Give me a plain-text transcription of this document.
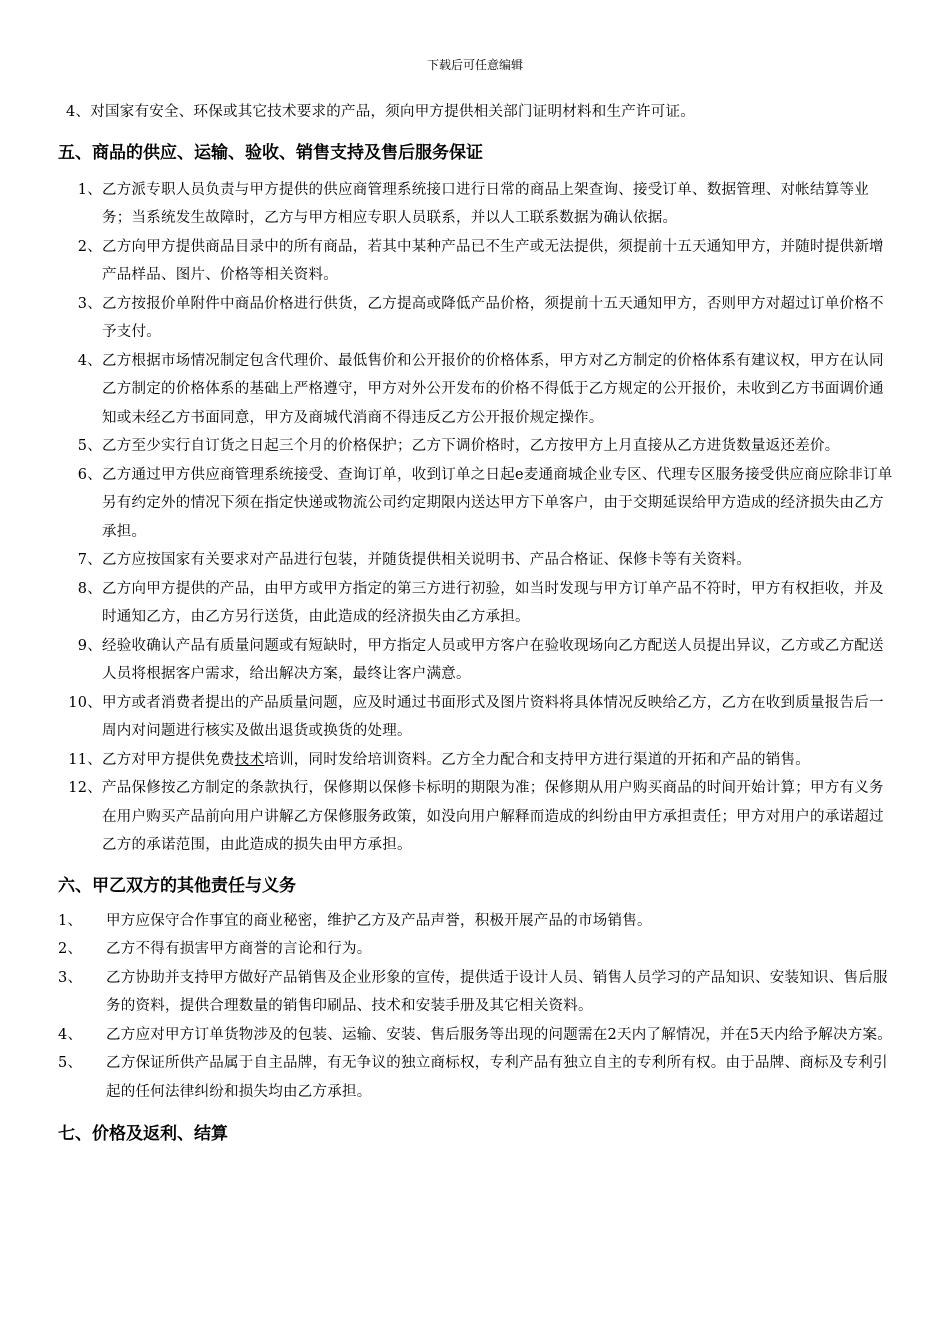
下载后可任意编辑

4、对国家有安全、环保或其它技术要求的产品，须向甲方提供相关部门证明材料和生产许可证。

五、商品的供应、运输、验收、销售支持及售后服务保证
1、 乙方派专职人员负责与甲方提供的供应商管理系统接口进行日常的商品上架查询、接受订单、数据管理、对帐结算等业务；当系统发生故障时，乙方与甲方相应专职人员联系，并以人工联系数据为确认依据。
2、 乙方向甲方提供商品目录中的所有商品，若其中某种产品已不生产或无法提供，须提前十五天通知甲方，并随时提供新增产品样品、图片、价格等相关资料。
3、 乙方按报价单附件中商品价格进行供货，乙方提高或降低产品价格，须提前十五天通知甲方，否则甲方对超过订单价格不予支付。
4、 乙方根据市场情况制定包含代理价、最低售价和公开报价的价格体系，甲方对乙方制定的价格体系有建议权，甲方在认同乙方制定的价格体系的基础上严格遵守，甲方对外公开发布的价格不得低于乙方规定的公开报价，未收到乙方书面调价通知或未经乙方书面同意，甲方及商城代消商不得违反乙方公开报价规定操作。
5、 乙方至少实行自订货之日起三个月的价格保护；乙方下调价格时，乙方按甲方上月直接从乙方进货数量返还差价。
6、 乙方通过甲方供应商管理系统接受、查询订单，收到订单之日起e麦通商城企业专区、代理专区服务接受供应商应除非订单另有约定外的情况下须在指定快递或物流公司约定期限内送达甲方下单客户，由于交期延误给甲方造成的经济损失由乙方承担。
7、 乙方应按国家有关要求对产品进行包装，并随货提供相关说明书、产品合格证、保修卡等有关资料。
8、 乙方向甲方提供的产品，由甲方或甲方指定的第三方进行初验，如当时发现与甲方订单产品不符时，甲方有权拒收，并及时通知乙方，由乙方另行送货，由此造成的经济损失由乙方承担。
9、 经验收确认产品有质量问题或有短缺时，甲方指定人员或甲方客户在验收现场向乙方配送人员提出异议，乙方或乙方配送人员将根据客户需求，给出解决方案，最终让客户满意。
10、 甲方或者消费者提出的产品质量问题，应及时通过书面形式及图片资料将具体情况反映给乙方，乙方在收到质量报告后一周内对问题进行核实及做出退货或换货的处理。
11、 乙方对甲方提供免费技术培训，同时发给培训资料。乙方全力配合和支持甲方进行渠道的开拓和产品的销售。
12、 产品保修按乙方制定的条款执行，保修期以保修卡标明的期限为准；保修期从用户购买商品的时间开始计算；甲方有义务在用户购买产品前向用户讲解乙方保修服务政策，如没向用户解释而造成的纠纷由甲方承担责任；甲方对用户的承诺超过乙方的承诺范围，由此造成的损失由甲方承担。
六、甲乙双方的其他责任与义务
1、	甲方应保守合作事宜的商业秘密，维护乙方及产品声誉，积极开展产品的市场销售。
2、	乙方不得有损害甲方商誉的言论和行为。
3、	乙方协助并支持甲方做好产品销售及企业形象的宣传，提供适于设计人员、销售人员学习的产品知识、安装知识、售后服务的资料，提供合理数量的销售印刷品、技术和安装手册及其它相关资料。
4、	乙方应对甲方订单货物涉及的包装、运输、安装、售后服务等出现的问题需在2天内了解情况，并在5天内给予解决方案。
5、	乙方保证所供产品属于自主品牌，有无争议的独立商标权，专利产品有独立自主的专利所有权。由于品牌、商标及专利引起的任何法律纠纷和损失均由乙方承担。
七、价格及返利、结算
